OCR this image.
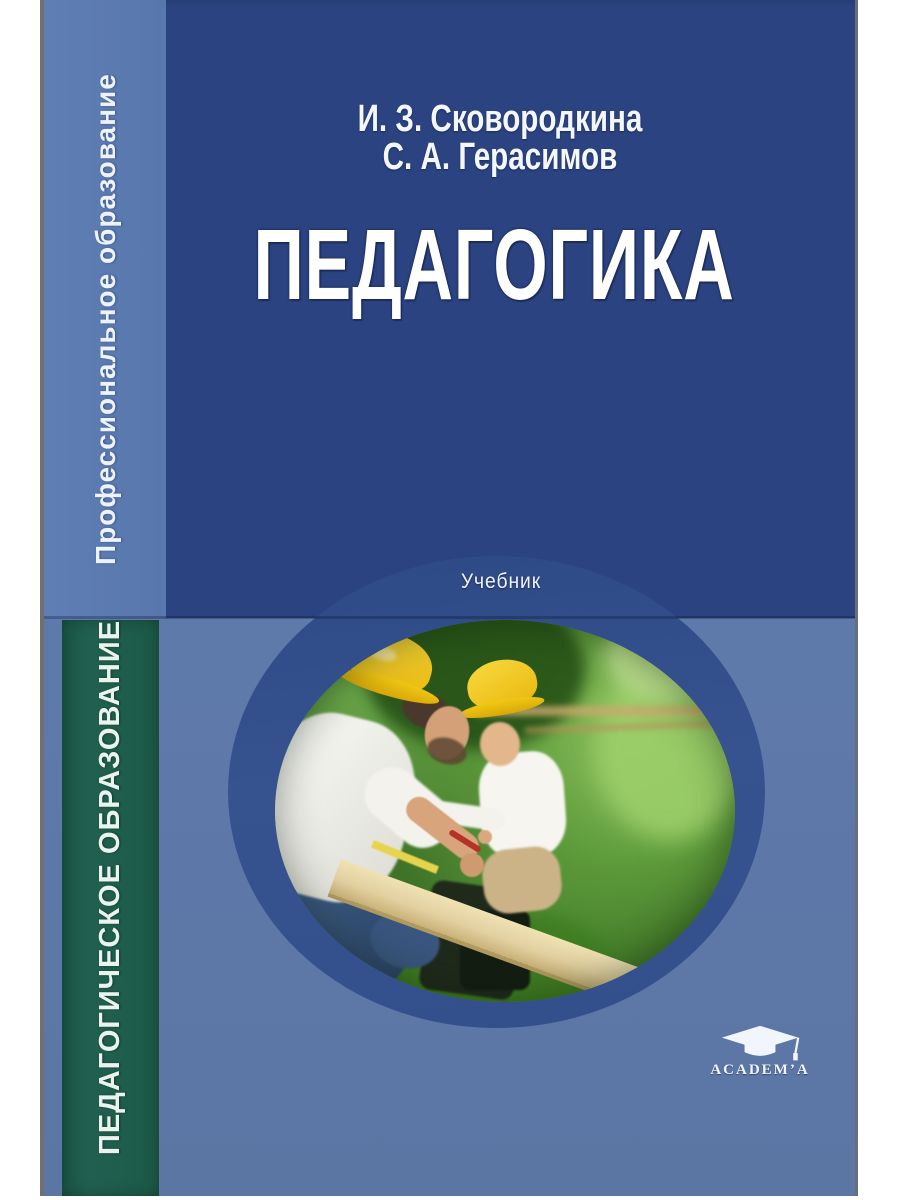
Профессиональное образование
ПЕДАГОГИЧЕСКОЕ ОБРАЗОВАНИЕ
И. З. Сковородкина
С. А. Герасимов
ПЕДАГОГИКА
Учебник
ACADEM’A
